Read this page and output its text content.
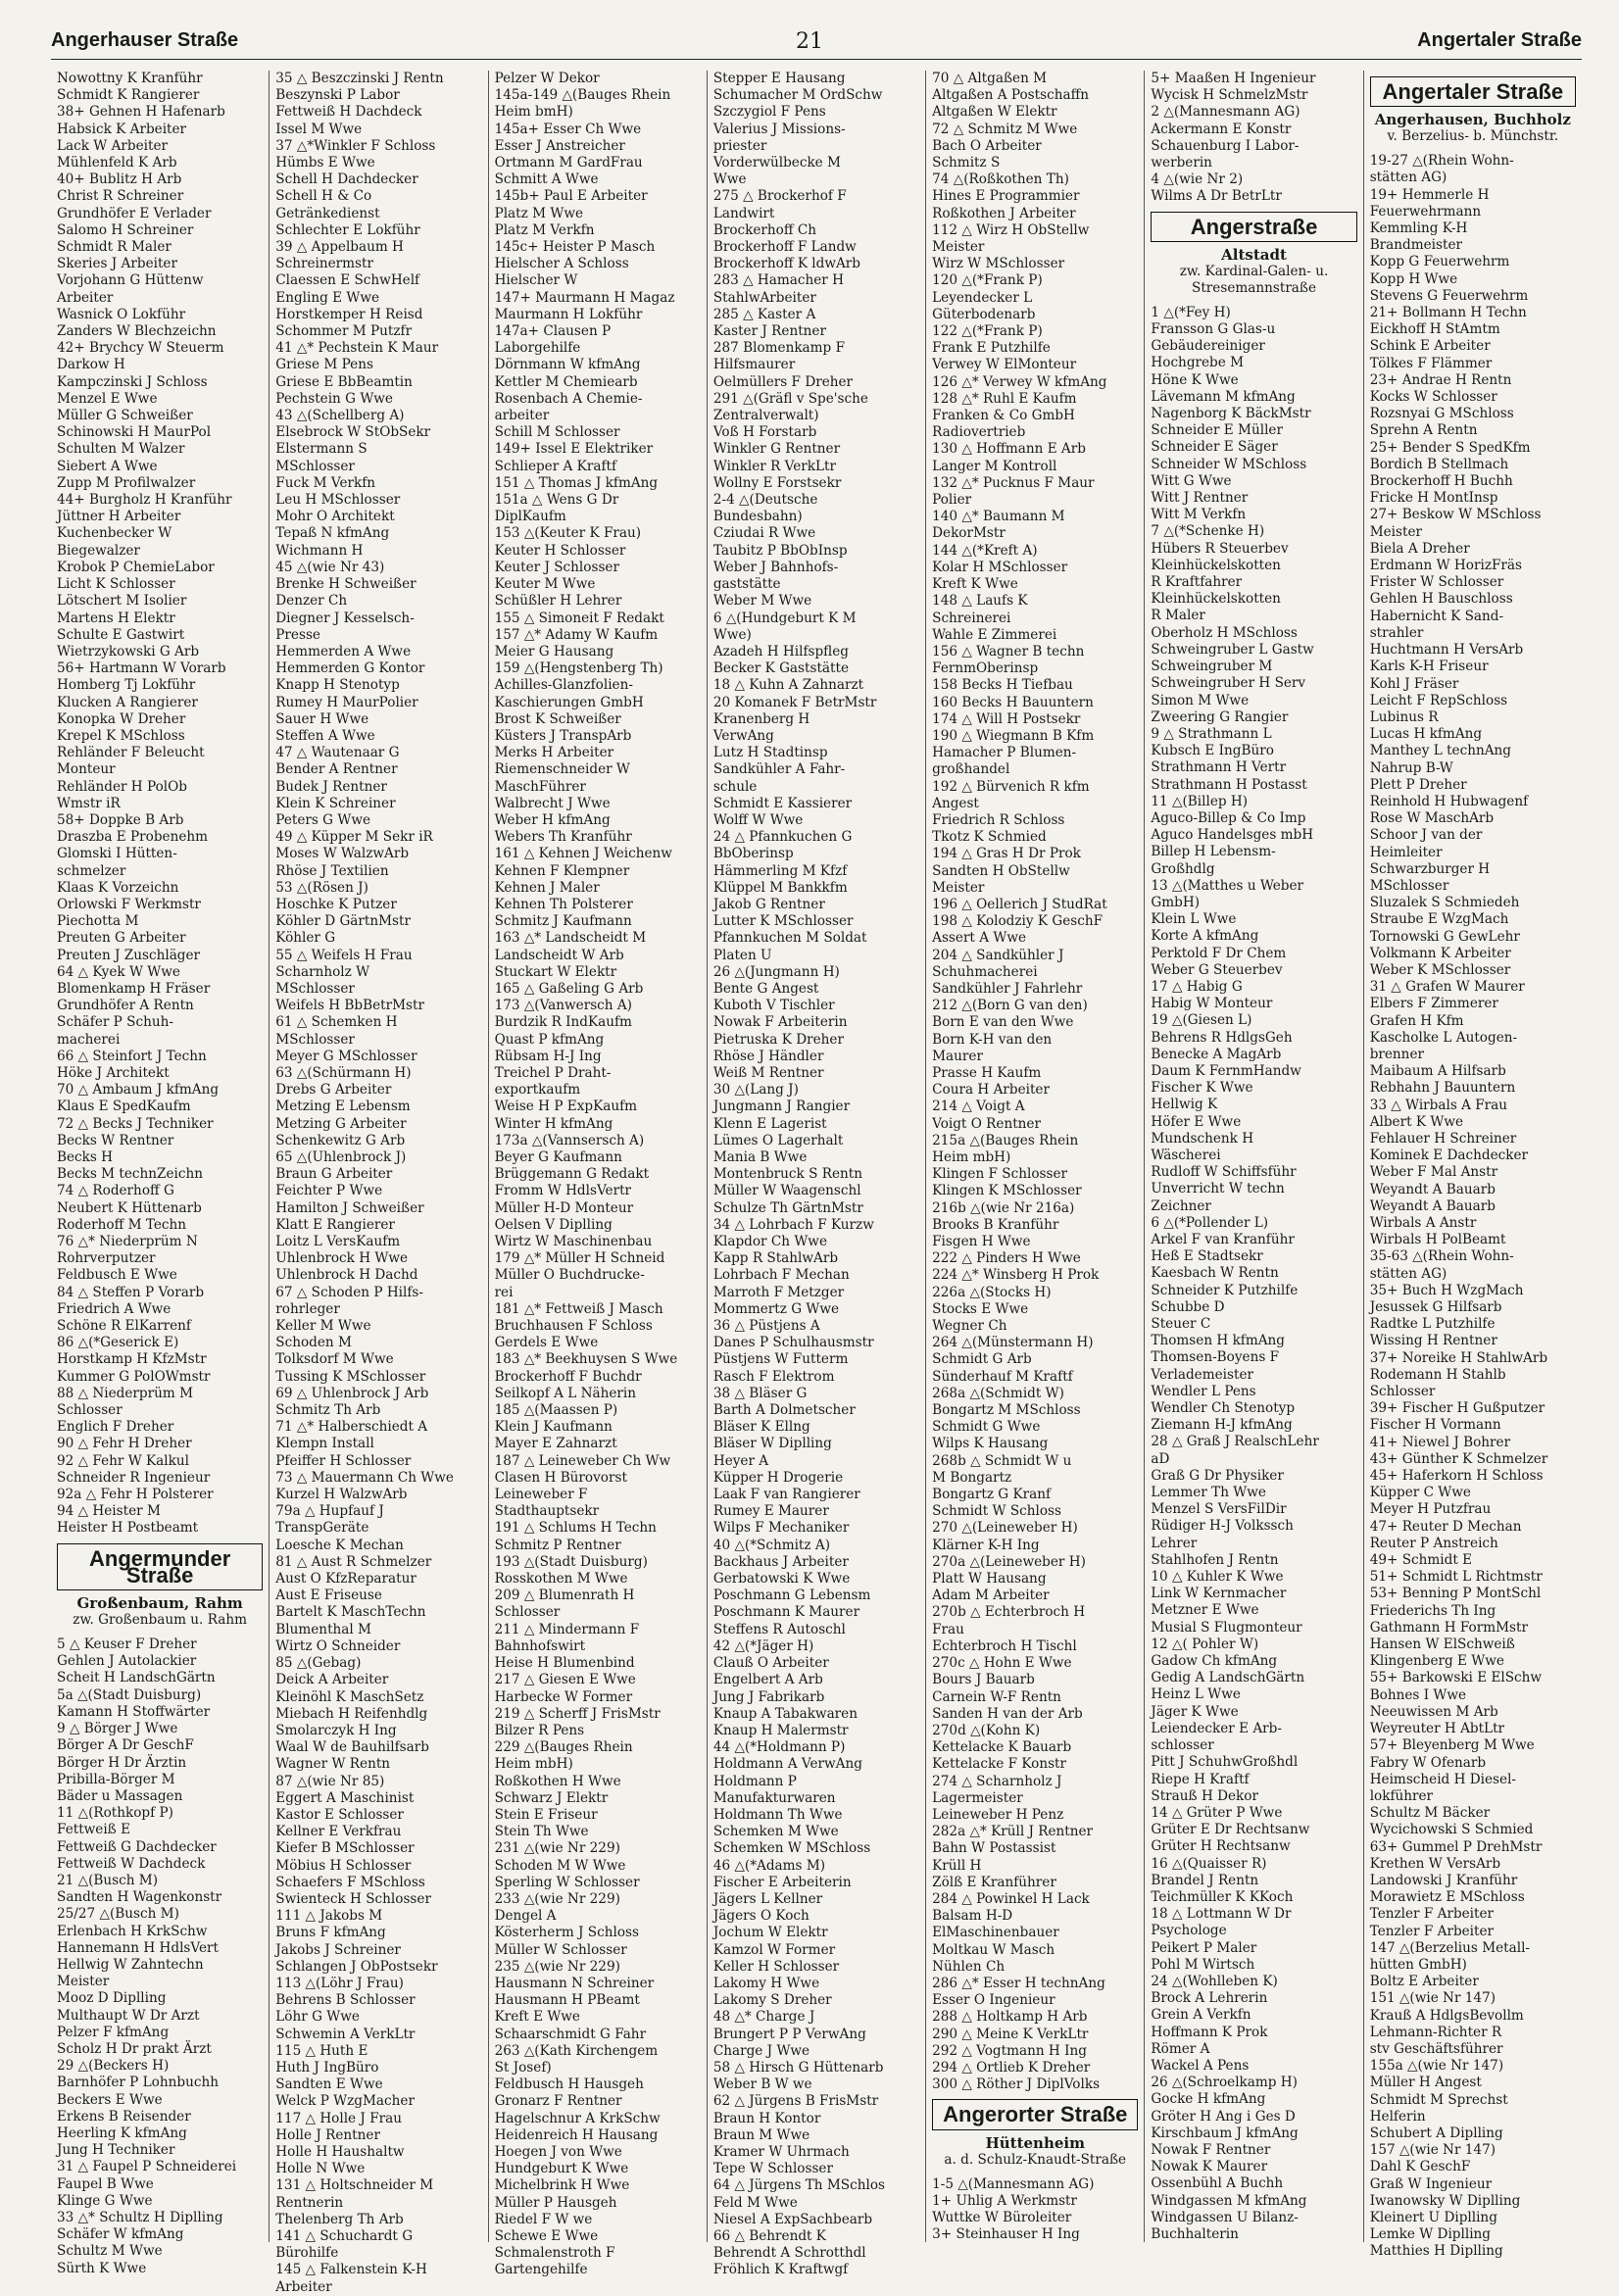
Angerhauser Straße	21	Angertaler Straße
Nowottny K Kranführ
Schmidt K Rangierer
38+ Gehnen H Hafenarb
Habsick K Arbeiter
Lack W Arbeiter
Mühlenfeld K Arb
40+ Bublitz H Arb
Christ R Schreiner
Grundhöfer E Verlader
Salomo H Schreiner
Schmidt R Maler
Skeries J Arbeiter
Vorjohann G Hüttenw
Arbeiter
Wasnick O Lokführ
Zanders W Blechzeichn
42+ Brychcy W Steuerm
Darkow H
Kampczinski J Schloss
Menzel E Wwe
Müller G Schweißer
Schinowski H MaurPol
Schulten M Walzer
Siebert A Wwe
Zupp M Profilwalzer
44+ Burgholz H Kranführ
Jüttner H Arbeiter
Kuchenbecker W
Biegewalzer
Krobok P ChemieLabor
Licht K Schlosser
Lötschert M Isolier
Martens H Elektr
Schulte E Gastwirt
Wietrzykowski G Arb
56+ Hartmann W Vorarb
Homberg Tj Lokführ
Klucken A Rangierer
Konopka W Dreher
Krepel K MSchloss
Rehländer F Beleucht
Monteur
Rehländer H PolOb
Wmstr iR
58+ Doppke B Arb
Draszba E Probenehm
Glomski I Hütten-
schmelzer
Klaas K Vorzeichn
Orlowski F Werkmstr
Piechotta M
Preuten G Arbeiter
Preuten J Zuschläger
64 △ Kyek W Wwe
Blomenkamp H Fräser
Grundhöfer A Rentn
Schäfer P Schuh-
macherei
66 △ Steinfort J Techn
Höke J Architekt
70 △ Ambaum J kfmAng
Klaus E SpedKaufm
72 △ Becks J Techniker
Becks W Rentner
Becks H
Becks M technZeichn
74 △ Roderhoff G
Neubert K Hüttenarb
Roderhoff M Techn
76 △* Niederprüm N
Rohrverputzer
Feldbusch E Wwe
84 △ Steffen P Vorarb
Friedrich A Wwe
Schöne R ElKarrenf
86 △(*Geserick E)
Horstkamp H KfzMstr
Kummer G PolOWmstr
88 △ Niederprüm M
Schlosser
Englich F Dreher
90 △ Fehr H Dreher
92 △ Fehr W Kalkul
Schneider R Ingenieur
92a △ Fehr H Polsterer
94 △ Heister M
Heister H Postbeamt
Angermunder Straße
Großenbaum, Rahm
zw. Großenbaum u. Rahm
5 △ Keuser F Dreher
Gehlen J Autolackier
Scheit H LandschGärtn
5a △(Stadt Duisburg)
Kamann H Stoffwärter
9 △ Börger J Wwe
Börger A Dr GeschF
Börger H Dr Ärztin
Pribilla-Börger M
Bäder u Massagen
11 △(Rothkopf P)
Fettweiß E
Fettweiß G Dachdecker
Fettweiß W Dachdeck
21 △(Busch M)
Sandten H Wagenkonstr
25/27 △(Busch M)
Erlenbach H KrkSchw
Hannemann H HdlsVert
Hellwig W Zahntechn
Meister
Mooz D Diplling
Multhaupt W Dr Arzt
Pelzer F kfmAng
Scholz H Dr prakt Ärzt
29 △(Beckers H)
Barnhöfer P Lohnbuchh
Beckers E Wwe
Erkens B Reisender
Heerling K kfmAng
Jung H Techniker
31 △ Faupel P Schneiderei
Faupel B Wwe
Klinge G Wwe
33 △* Schultz H Diplling
Schäfer W kfmAng
Schultz M Wwe
Sürth K Wwe
35 △ Beszczinski J Rentn
Beszynski P Labor
Fettweiß H Dachdeck
Issel M Wwe
37 △*Winkler F Schloss
Hümbs E Wwe
Schell H Dachdecker
Schell H & Co
Getränkedienst
Schlechter E Lokführ
39 △ Appelbaum H
Schreinermstr
Claessen E SchwHelf
Engling E Wwe
Horstkemper H Reisd
Schommer M Putzfr
41 △* Pechstein K Maur
Griese M Pens
Griese E BbBeamtin
Pechstein G Wwe
43 △(Schellberg A)
Elsebrock W StObSekr
Elstermann S
MSchlosser
Fuck M Verkfn
Leu H MSchlosser
Mohr O Architekt
Tepaß N kfmAng
Wichmann H
45 △(wie Nr 43)
Brenke H Schweißer
Denzer Ch
Diegner J Kesselsch-
Presse
Hemmerden A Wwe
Hemmerden G Kontor
Knapp H Stenotyp
Rumey H MaurPolier
Sauer H Wwe
Steffen A Wwe
47 △ Wautenaar G
Bender A Rentner
Budek J Rentner
Klein K Schreiner
Peters G Wwe
49 △ Küpper M Sekr iR
Moses W WalzwArb
Rhöse J Textilien
53 △(Rösen J)
Hoschke K Putzer
Köhler D GärtnMstr
Köhler G
55 △ Weifels H Frau
Scharnholz W
MSchlosser
Weifels H BbBetrMstr
61 △ Schemken H
MSchlosser
Meyer G MSchlosser
63 △(Schürmann H)
Drebs G Arbeiter
Metzing E Lebensm
Metzing G Arbeiter
Schenkewitz G Arb
65 △(Uhlenbrock J)
Braun G Arbeiter
Feichter P Wwe
Hamilton J Schweißer
Klatt E Rangierer
Loitz L VersKaufm
Uhlenbrock H Wwe
Uhlenbrock H Dachd
67 △ Schoden P Hilfs-
rohrleger
Keller M Wwe
Schoden M
Tolksdorf M Wwe
Tussing K MSchlosser
69 △ Uhlenbrock J Arb
Schmitz Th Arb
71 △* Halberschiedt A
Klempn Install
Pfeiffer H Schlosser
73 △ Mauermann Ch Wwe
Kurzel H WalzwArb
79a △ Hupfauf J
TranspGeräte
Loesche K Mechan
81 △ Aust R Schmelzer
Aust O KfzReparatur
Aust E Friseuse
Bartelt K MaschTechn
Blumenthal M
Wirtz O Schneider
85 △(Gebag)
Deick A Arbeiter
Kleinöhl K MaschSetz
Miebach H Reifenhdlg
Smolarczyk H Ing
Waal W de Bauhilfsarb
Wagner W Rentn
87 △(wie Nr 85)
Eggert A Maschinist
Kastor E Schlosser
Kellner E Verkfrau
Kiefer B MSchlosser
Möbius H Schlosser
Schaefers F MSchloss
Swienteck H Schlosser
111 △ Jakobs M
Bruns F kfmAng
Jakobs J Schreiner
Schlangen J ObPostsekr
113 △(Löhr J Frau)
Behrens B Schlosser
Löhr G Wwe
Schwemin A VerkLtr
115 △ Huth E
Huth J IngBüro
Sandten E Wwe
Welck P WzgMacher
117 △ Holle J Frau
Holle J Rentner
Holle H Haushaltw
Holle N Wwe
131 △ Holtschneider M
Rentnerin
Thelenberg Th Arb
141 △ Schuchardt G
Bürohilfe
145 △ Falkenstein K-H
Arbeiter
Pelzer W Dekor
145a-149 △(Bauges Rhein
Heim bmH)
145a+ Esser Ch Wwe
Esser J Anstreicher
Ortmann M GardFrau
Schmitt A Wwe
145b+ Paul E Arbeiter
Platz M Wwe
Platz M Verkfn
145c+ Heister P Masch
Hielscher A Schloss
Hielscher W
147+ Maurmann H Magaz
Maurmann H Lokführ
147a+ Clausen P
Laborgehilfe
Dörnmann W kfmAng
Kettler M Chemiearb
Rosenbach A Chemie-
arbeiter
Schill M Schlosser
149+ Issel E Elektriker
Schlieper A Kraftf
151 △ Thomas J kfmAng
151a △ Wens G Dr
DiplKaufm
153 △(Keuter K Frau)
Keuter H Schlosser
Keuter J Schlosser
Keuter M Wwe
Schüßler H Lehrer
155 △ Simoneit F Redakt
157 △* Adamy W Kaufm
Meier G Hausang
159 △(Hengstenberg Th)
Achilles-Glanzfolien-
Kaschierungen GmbH
Brost K Schweißer
Küsters J TranspArb
Merks H Arbeiter
Riemenschneider W
MaschFührer
Walbrecht J Wwe
Weber H kfmAng
Webers Th Kranführ
161 △ Kehnen J Weichenw
Kehnen F Klempner
Kehnen J Maler
Kehnen Th Polsterer
Schmitz J Kaufmann
163 △* Landscheidt M
Landscheidt W Arb
Stuckart W Elektr
165 △ Gaßeling G Arb
173 △(Vanwersch A)
Burdzik R IndKaufm
Quast P kfmAng
Rübsam H-J Ing
Treichel P Draht-
exportkaufm
Weise H P ExpKaufm
Winter H kfmAng
173a △(Vannsersch A)
Beyer G Kaufmann
Brüggemann G Redakt
Fromm W HdlsVertr
Müller H-D Monteur
Oelsen V Diplling
Wirtz W Maschinenbau
179 △* Müller H Schneid
Müller O Buchdrucke-
rei
181 △* Fettweiß J Masch
Bruchhausen F Schloss
Gerdels E Wwe
183 △* Beekhuysen S Wwe
Brockerhoff F Buchdr
Seilkopf A L Näherin
185 △(Maassen P)
Klein J Kaufmann
Mayer E Zahnarzt
187 △ Leineweber Ch Ww
Clasen H Bürovorst
Leineweber F
Stadthauptsekr
191 △ Schlums H Techn
Schmitz P Rentner
193 △(Stadt Duisburg)
Rosskothen M Wwe
209 △ Blumenrath H
Schlosser
211 △ Mindermann F
Bahnhofswirt
Heise H Blumenbind
217 △ Giesen E Wwe
Harbecke W Former
219 △ Scherff J FrisMstr
Bilzer R Pens
229 △(Bauges Rhein
Heim mbH)
Roßkothen H Wwe
Schwarz J Elektr
Stein E Friseur
Stein Th Wwe
231 △(wie Nr 229)
Schoden M W Wwe
Sperling W Schlosser
233 △(wie Nr 229)
Dengel A
Kösterherm J Schloss
Müller W Schlosser
235 △(wie Nr 229)
Hausmann N Schreiner
Hausmann H PBeamt
Kreft E Wwe
Schaarschmidt G Fahr
263 △(Kath Kirchengem
St Josef)
Feldbusch H Hausgeh
Gronarz F Rentner
Hagelschnur A KrkSchw
Heidenreich H Hausang
Hoegen J von Wwe
Hundgeburt K Wwe
Michelbrink H Wwe
Müller P Hausgeh
Riedel F W we
Schewe E Wwe
Schmalenstroth F
Gartengehilfe
Stepper E Hausang
Schumacher M OrdSchw
Szczygiol F Pens
Valerius J Missions-
priester
Vorderwülbecke M
Wwe
275 △ Brockerhof F
Landwirt
Brockerhoff Ch
Brockerhoff F Landw
Brockerhoff K ldwArb
283 △ Hamacher H
StahlwArbeiter
285 △ Kaster A
Kaster J Rentner
287 Blomenkamp F
Hilfsmaurer
Oelmüllers F Dreher
291 △(Gräfl v Spe'sche
Zentralverwalt)
Voß H Forstarb
Winkler G Rentner
Winkler R VerkLtr
Wollny E Forstsekr
2-4 △(Deutsche
Bundesbahn)
Cziudai R Wwe
Taubitz P BbObInsp
Weber J Bahnhofs-
gaststätte
Weber M Wwe
6 △(Hundgeburt K M
Wwe)
Azadeh H Hilfspfleg
Becker K Gaststätte
18 △ Kuhn A Zahnarzt
20 Komanek F BetrMstr
Kranenberg H
VerwAng
Lutz H Stadtinsp
Sandkühler A Fahr-
schule
Schmidt E Kassierer
Wolff W Wwe
24 △ Pfannkuchen G
BbOberinsp
Hämmerling M Kfzf
Klüppel M Bankkfm
Jakob G Rentner
Lutter K MSchlosser
Pfannkuchen M Soldat
Platen U
26 △(Jungmann H)
Bente G Angest
Kuboth V Tischler
Nowak F Arbeiterin
Pietruska K Dreher
Rhöse J Händler
Weiß M Rentner
30 △(Lang J)
Jungmann J Rangier
Klenn E Lagerist
Lümes O Lagerhalt
Mania B Wwe
Montenbruck S Rentn
Müller W Waagenschl
Schulze Th GärtnMstr
34 △ Lohrbach F Kurzw
Klapdor Ch Wwe
Kapp R StahlwArb
Lohrbach F Mechan
Marroth F Metzger
Mommertz G Wwe
36 △ Püstjens A
Danes P Schulhausmstr
Püstjens W Futterm
Rasch F Elektrom
38 △ Bläser G
Barth A Dolmetscher
Bläser K Ellng
Bläser W Diplling
Heyer A
Küpper H Drogerie
Laak F van Rangierer
Rumey E Maurer
Wilps F Mechaniker
40 △(*Schmitz A)
Backhaus J Arbeiter
Gerbatowski K Wwe
Poschmann G Lebensm
Poschmann K Maurer
Steffens R Autoschl
42 △(*Jäger H)
Clauß O Arbeiter
Engelbert A Arb
Jung J Fabrikarb
Knaup A Tabakwaren
Knaup H Malermstr
44 △(*Holdmann P)
Holdmann A VerwAng
Holdmann P
Manufakturwaren
Holdmann Th Wwe
Schemken M Wwe
Schemken W MSchloss
46 △(*Adams M)
Fischer E Arbeiterin
Jägers L Kellner
Jägers O Koch
Jochum W Elektr
Kamzol W Former
Keller H Schlosser
Lakomy H Wwe
Lakomy S Dreher
48 △* Charge J
Brungert P P VerwAng
Charge J Wwe
58 △ Hirsch G Hüttenarb
Weber B W we
62 △ Jürgens B FrisMstr
Braun H Kontor
Braun M Wwe
Kramer W Uhrmach
Tepe W Schlosser
64 △ Jürgens Th MSchlos
Feld M Wwe
Niesel A ExpSachbearb
66 △ Behrendt K
Behrendt A Schrotthdl
Fröhlich K Kraftwgf
70 △ Altgaßen M
Altgaßen A Postschaffn
Altgaßen W Elektr
72 △ Schmitz M Wwe
Bach O Arbeiter
Schmitz S
74 △(Roßkothen Th)
Hines E Programmier
Roßkothen J Arbeiter
112 △ Wirz H ObStellw
Meister
Wirz W MSchlosser
120 △(*Frank P)
Leyendecker L
Güterbodenarb
122 △(*Frank P)
Frank E Putzhilfe
Verwey W ElMonteur
126 △* Verwey W kfmAng
128 △* Ruhl E Kaufm
Franken & Co GmbH
Radiovertrieb
130 △ Hoffmann E Arb
Langer M Kontroll
132 △* Pucknus F Maur
Polier
140 △* Baumann M
DekorMstr
144 △(*Kreft A)
Kolar H MSchlosser
Kreft K Wwe
148 △ Laufs K
Schreinerei
Wahle E Zimmerei
156 △ Wagner B techn
FernmOberinsp
158 Becks H Tiefbau
160 Becks H Bauuntern
174 △ Will H Postsekr
190 △ Wiegmann B Kfm
Hamacher P Blumen-
großhandel
192 △ Bürvenich R kfm
Angest
Friedrich R Schloss
Tkotz K Schmied
194 △ Gras H Dr Prok
Sandten H ObStellw
Meister
196 △ Oellerich J StudRat
198 △ Kolodziy K GeschF
Assert A Wwe
204 △ Sandkühler J
Schuhmacherei
Sandkühler J Fahrlehr
212 △(Born G van den)
Born E van den Wwe
Born K-H van den
Maurer
Prasse H Kaufm
Coura H Arbeiter
214 △ Voigt A
Voigt O Rentner
215a △(Bauges Rhein
Heim mbH)
Klingen F Schlosser
Klingen K MSchlosser
216b △(wie Nr 216a)
Brooks B Kranführ
Fisgen H Wwe
222 △ Pinders H Wwe
224 △* Winsberg H Prok
226a △(Stocks H)
Stocks E Wwe
Wegner Ch
264 △(Münstermann H)
Schmidt G Arb
Sünderhauf M Kraftf
268a △(Schmidt W)
Bongartz M MSchloss
Schmidt G Wwe
Wilps K Hausang
268b △ Schmidt W u
M Bongartz
Bongartz G Kranf
Schmidt W Schloss
270 △(Leineweber H)
Klärner K-H Ing
270a △(Leineweber H)
Platt W Hausang
Adam M Arbeiter
270b △ Echterbroch H
Frau
Echterbroch H Tischl
270c △ Hohn E Wwe
Bours J Bauarb
Carnein W-F Rentn
Sanden H van der Arb
270d △(Kohn K)
Kettelacke K Bauarb
Kettelacke F Konstr
274 △ Scharnholz J
Lagermeister
Leineweber H Penz
282a △* Krüll J Rentner
Bahn W Postassist
Krüll H
Zölß E Kranführer
284 △ Powinkel H Lack
Balsam H-D
ElMaschinenbauer
Moltkau W Masch
Nühlen Ch
286 △* Esser H technAng
Esser O Ingenieur
288 △ Holtkamp H Arb
290 △ Meine K VerkLtr
292 △ Vogtmann H Ing
294 △ Ortlieb K Dreher
300 △ Röther J DiplVolks
Angerorter Straße
Hüttenheim
a. d. Schulz-Knaudt-Straße
1-5 △(Mannesmann AG)
1+ Uhlig A Werkmstr
Wuttke W Büroleiter
3+ Steinhauser H Ing
5+ Maaßen H Ingenieur
Wycisk H SchmelzMstr
2 △(Mannesmann AG)
Ackermann E Konstr
Schauenburg I Labor-
werberin
4 △(wie Nr 2)
Wilms A Dr BetrLtr
Angerstraße
Altstadt
zw. Kardinal-Galen- u. Stresemannstraße
1 △(*Fey H)
Fransson G Glas-u
Gebäudereiniger
Hochgrebe M
Höne K Wwe
Lävemann M kfmAng
Nagenborg K BäckMstr
Schneider E Müller
Schneider E Säger
Schneider W MSchloss
Witt G Wwe
Witt J Rentner
Witt M Verkfn
7 △(*Schenke H)
Hübers R Steuerbev
Kleinhückelskotten
R Kraftfahrer
Kleinhückelskotten
R Maler
Oberholz H MSchloss
Schweingruber L Gastw
Schweingruber M
Schweingruber H Serv
Simon M Wwe
Zweering G Rangier
9 △ Strathmann L
Kubsch E IngBüro
Strathmann H Vertr
Strathmann H Postasst
11 △(Billep H)
Aguco-Billep & Co Imp
Aguco Handelsges mbH
Billep H Lebensm-
Großhdlg
13 △(Matthes u Weber
GmbH)
Klein L Wwe
Korte A kfmAng
Perktold F Dr Chem
Weber G Steuerbev
17 △ Habig G
Habig W Monteur
19 △(Giesen L)
Behrens R HdlgsGeh
Benecke A MagArb
Daum K FernmHandw
Fischer K Wwe
Hellwig K
Höfer E Wwe
Mundschenk H
Wäscherei
Rudloff W Schiffsführ
Unverricht W techn
Zeichner
6 △(*Pollender L)
Arkel F van Kranführ
Heß E Stadtsekr
Kaesbach W Rentn
Schneider K Putzhilfe
Schubbe D
Steuer C
Thomsen H kfmAng
Thomsen-Boyens F
Verlademeister
Wendler L Pens
Wendler Ch Stenotyp
Ziemann H-J kfmAng
28 △ Graß J RealschLehr
aD
Graß G Dr Physiker
Lemmer Th Wwe
Menzel S VersFilDir
Rüdiger H-J Volkssch
Lehrer
Stahlhofen J Rentn
10 △ Kuhler K Wwe
Link W Kernmacher
Metzner E Wwe
Musial S Flugmonteur
12 △( Pohler W)
Gadow Ch kfmAng
Gedig A LandschGärtn
Heinz L Wwe
Jäger K Wwe
Leiendecker E Arb-
schlosser
Pitt J SchuhwGroßhdl
Riepe H Kraftf
Strauß H Dekor
14 △ Grüter P Wwe
Grüter E Dr Rechtsanw
Grüter H Rechtsanw
16 △(Quaisser R)
Brandel J Rentn
Teichmüller K KKoch
18 △ Lottmann W Dr
Psychologe
Peikert P Maler
Pohl M Wirtsch
24 △(Wohlleben K)
Brock A Lehrerin
Grein A Verkfn
Hoffmann K Prok
Römer A
Wackel A Pens
26 △(Schroelkamp H)
Gocke H kfmAng
Gröter H Ang i Ges D
Kirschbaum J kfmAng
Nowak F Rentner
Nowak K Maurer
Ossenbühl A Buchh
Windgassen M kfmAng
Windgassen U Bilanz-
Buchhalterin
Angertaler Straße
Angerhausen, Buchholz
v. Berzelius- b. Münchstr.
19-27 △(Rhein Wohn-
stätten AG)
19+ Hemmerle H
Feuerwehrmann
Kemmling K-H
Brandmeister
Kopp G Feuerwehrm
Kopp H Wwe
Stevens G Feuerwehrm
21+ Bollmann H Techn
Eickhoff H StAmtm
Schink E Arbeiter
Tölkes F Flämmer
23+ Andrae H Rentn
Kocks W Schlosser
Rozsnyai G MSchloss
Sprehn A Rentn
25+ Bender S SpedKfm
Bordich B Stellmach
Brockerhoff H Buchh
Fricke H MontInsp
27+ Beskow W MSchloss
Meister
Biela A Dreher
Erdmann W HorizFräs
Frister W Schlosser
Gehlen H Bauschloss
Habernicht K Sand-
strahler
Huchtmann H VersArb
Karls K-H Friseur
Kohl J Fräser
Leicht F RepSchloss
Lubinus R
Lucas H kfmAng
Manthey L technAng
Nahrup B-W
Plett P Dreher
Reinhold H Hubwagenf
Rose W MaschArb
Schoor J van der
Heimleiter
Schwarzburger H
MSchlosser
Sluzalek S Schmiedeh
Straube E WzgMach
Tornowski G GewLehr
Volkmann K Arbeiter
Weber K MSchlosser
31 △ Grafen W Maurer
Elbers F Zimmerer
Grafen H Kfm
Kascholke L Autogen-
brenner
Maibaum A Hilfsarb
Rebhahn J Bauuntern
33 △ Wirbals A Frau
Albert K Wwe
Fehlauer H Schreiner
Kominek E Dachdecker
Weber F Mal Anstr
Weyandt A Bauarb
Weyandt A Bauarb
Wirbals A Anstr
Wirbals H PolBeamt
35-63 △(Rhein Wohn-
stätten AG)
35+ Buch H WzgMach
Jesussek G Hilfsarb
Radtke L Putzhilfe
Wissing H Rentner
37+ Noreike H StahlwArb
Rodemann H Stahlb
Schlosser
39+ Fischer H Gußputzer
Fischer H Vormann
41+ Niewel J Bohrer
43+ Günther K Schmelzer
45+ Haferkorn H Schloss
Küpper C Wwe
Meyer H Putzfrau
47+ Reuter D Mechan
Reuter P Anstreich
49+ Schmidt E
51+ Schmidt L Richtmstr
53+ Benning P MontSchl
Friederichs Th Ing
Gathmann H FormMstr
Hansen W ElSchweiß
Klingenberg E Wwe
55+ Barkowski E ElSchw
Bohnes I Wwe
Neeuwissen M Arb
Weyreuter H AbtLtr
57+ Bleyenberg M Wwe
Fabry W Ofenarb
Heimscheid H Diesel-
lokführer
Schultz M Bäcker
Wycichowski S Schmied
63+ Gummel P DrehMstr
Krethen W VersArb
Landowski J Kranführ
Morawietz E MSchloss
Tenzler F Arbeiter
Tenzler F Arbeiter
147 △(Berzelius Metall-
hütten GmbH)
Boltz E Arbeiter
151 △(wie Nr 147)
Krauß A HdlgsBevollm
Lehmann-Richter R
stv Geschäftsführer
155a △(wie Nr 147)
Müller H Angest
Schmidt M Sprechst
Helferin
Schubert A Diplling
157 △(wie Nr 147)
Dahl K GeschF
Graß W Ingenieur
Iwanowsky W Diplling
Kleinert U Diplling
Lemke W Diplling
Matthies H Diplling
